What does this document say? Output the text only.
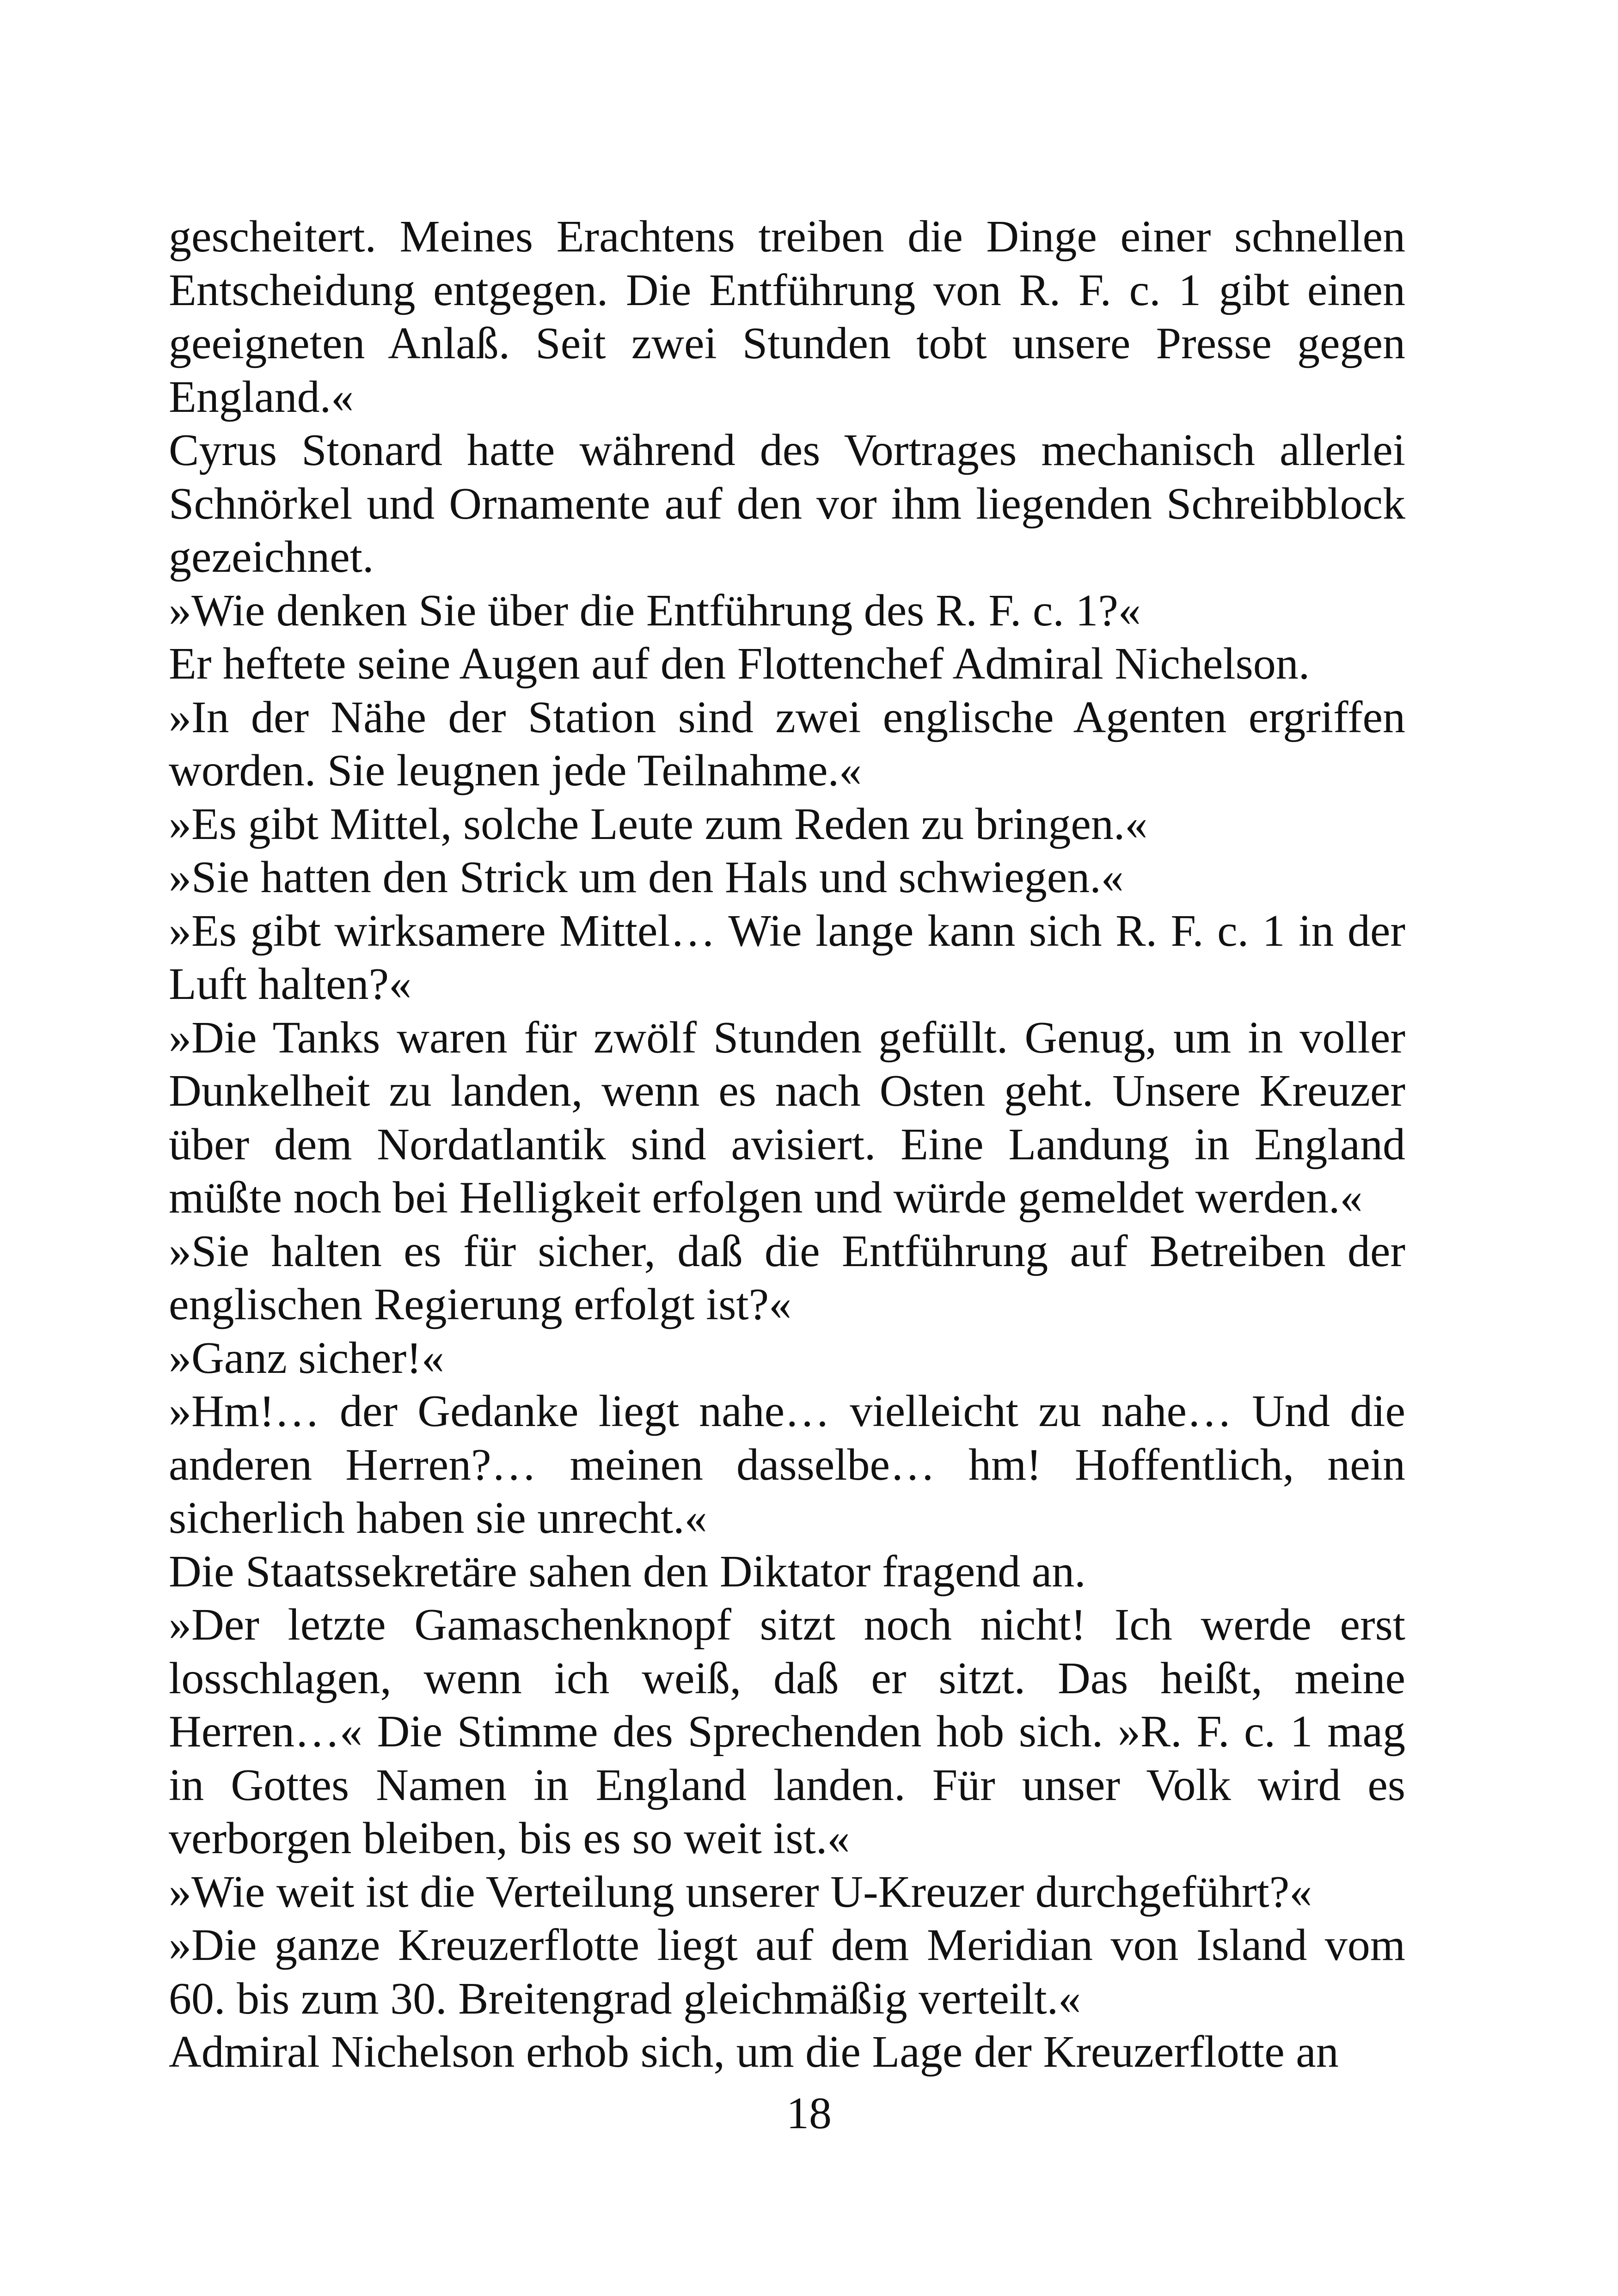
gescheitert. Meines Erachtens treiben die Dinge einer schnellen Entscheidung entgegen. Die Entführung von R. F. c. 1 gibt einen geeigneten Anlaß. Seit zwei Stunden tobt unsere Presse gegen England.«

Cyrus Stonard hatte während des Vortrages mechanisch allerlei Schnörkel und Ornamente auf den vor ihm liegenden Schreibblock gezeichnet.

»Wie denken Sie über die Entführung des R. F. c. 1?«

Er heftete seine Augen auf den Flottenchef Admiral Nichelson.

»In der Nähe der Station sind zwei englische Agenten ergriffen worden. Sie leugnen jede Teilnahme.«

»Es gibt Mittel, solche Leute zum Reden zu bringen.«

»Sie hatten den Strick um den Hals und schwiegen.«

»Es gibt wirksamere Mittel… Wie lange kann sich R. F. c. 1 in der Luft halten?«

»Die Tanks waren für zwölf Stunden gefüllt. Genug, um in voller Dunkelheit zu landen, wenn es nach Osten geht. Unsere Kreuzer über dem Nordatlantik sind avisiert. Eine Landung in England müßte noch bei Helligkeit erfolgen und würde gemeldet werden.«

»Sie halten es für sicher, daß die Entführung auf Betreiben der englischen Regierung erfolgt ist?«

»Ganz sicher!«

»Hm!… der Gedanke liegt nahe… vielleicht zu nahe… Und die anderen Herren?… meinen dasselbe… hm! Hoffentlich, nein sicherlich haben sie unrecht.«

Die Staatssekretäre sahen den Diktator fragend an.

»Der letzte Gamaschenknopf sitzt noch nicht! Ich werde erst losschlagen, wenn ich weiß, daß er sitzt. Das heißt, meine Herren…« Die Stimme des Sprechenden hob sich. »R. F. c. 1 mag in Gottes Namen in England landen. Für unser Volk wird es verborgen bleiben, bis es so weit ist.«

»Wie weit ist die Verteilung unserer U-Kreuzer durchgeführt?«

»Die ganze Kreuzerflotte liegt auf dem Meridian von Island vom 60. bis zum 30. Breitengrad gleichmäßig verteilt.«

Admiral Nichelson erhob sich, um die Lage der Kreuzerflotte an

18
